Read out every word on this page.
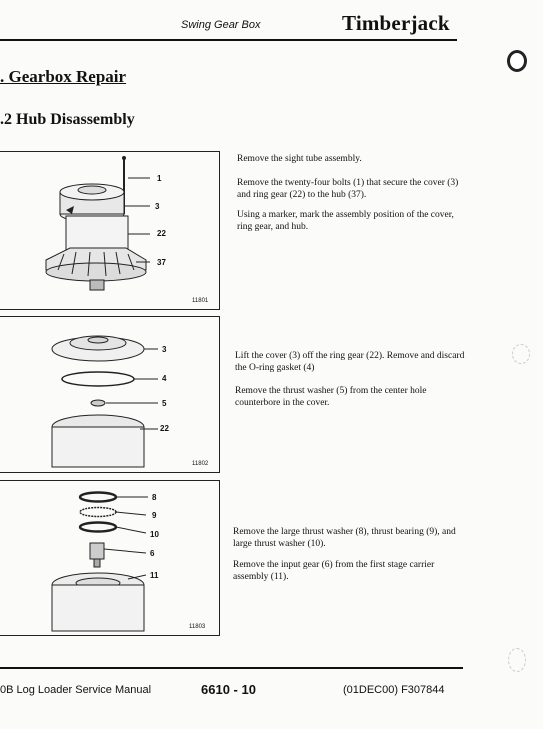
Swing Gear Box	Timberjack
. Gearbox Repair
.2 Hub Disassembly
1
3
22
37
11801
3
4
5
22
11802
8
9
10
6
11
11803
Remove the sight tube assembly.
Remove the twenty-four bolts (1) that secure the cover (3) and ring gear (22) to the hub (37).
Using a marker, mark the assembly position of the cover, ring gear, and hub.
Lift the cover (3) off the ring gear (22). Remove and discard the O-ring gasket (4)
Remove the thrust washer (5) from the center hole counterbore in the cover.
Remove the large thrust washer (8), thrust bearing (9), and large thrust washer (10).
Remove the input gear (6) from the first stage carrier assembly (11).
0B Log Loader Service Manual	6610 - 10	(01DEC00) F307844
